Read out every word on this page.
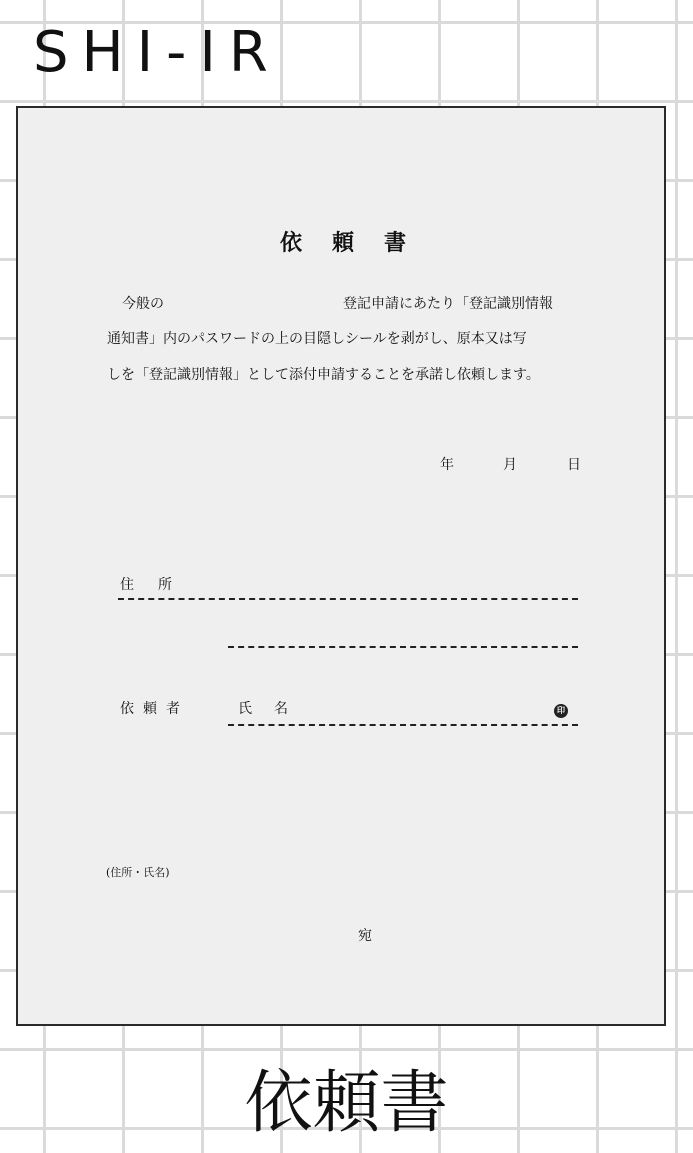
SHI-IR
依頼書
今般の	登記申請にあたり「登記識別情報
通知書」内のパスワードの上の目隠しシールを剥がし、原本又は写
しを「登記識別情報」として添付申請することを承諾し依頼します。
年	月	日
住所
依頼者	氏名	印
(住所・氏名)
宛
依頼書
